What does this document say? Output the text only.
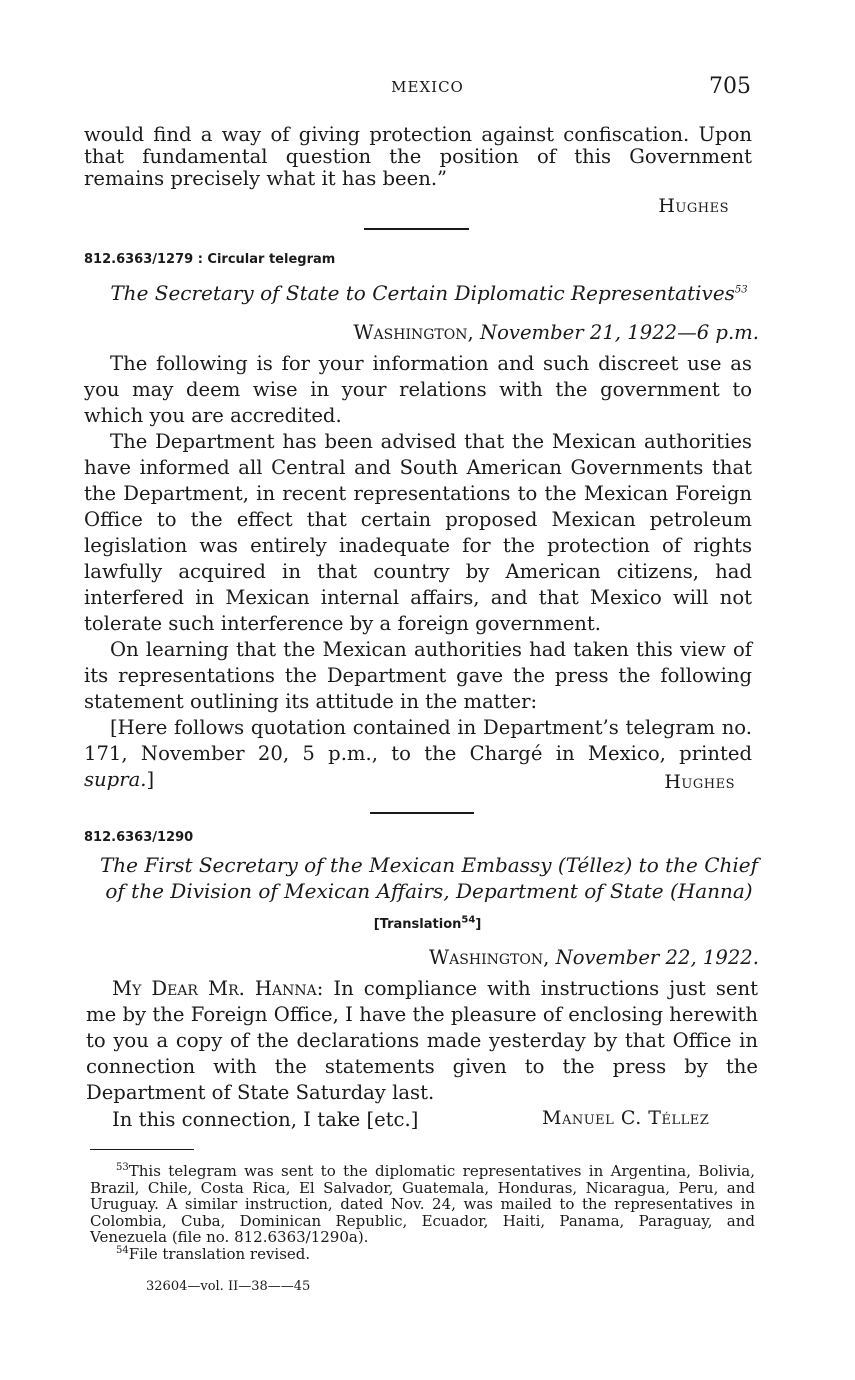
MEXICO	705

would find a way of giving protection against confiscation. Upon that fundamental question the position of this Government remains precisely what it has been.”

Hughes
812.6363/1279 : Circular telegram
The Secretary of State to Certain Diplomatic Representatives$^{53}$
Washington, November 21, 1922—6 p.m.

The following is for your information and such discreet use as you may deem wise in your relations with the government to which you are accredited.

The Department has been advised that the Mexican authorities have informed all Central and South American Governments that the Department, in recent representations to the Mexican Foreign Office to the effect that certain proposed Mexican petroleum legislation was entirely inadequate for the protection of rights lawfully acquired in that country by American citizens, had interfered in Mexican internal affairs, and that Mexico will not tolerate such interference by a foreign government.

On learning that the Mexican authorities had taken this view of its representations the Department gave the press the following statement outlining its attitude in the matter:

[Here follows quotation contained in Department’s telegram no. 171, November 20, 5 p.m., to the Chargé in Mexico, printed supra.]	Hughes
812.6363/1290
The First Secretary of the Mexican Embassy (Téllez) to the Chief
of the Division of Mexican Affairs, Department of State (Hanna)
[Translation$^{54}$]
Washington, November 22, 1922.

My Dear Mr. Hanna: In compliance with instructions just sent me by the Foreign Office, I have the pleasure of enclosing herewith to you a copy of the declarations made yesterday by that Office in connection with the statements given to the press by the Department of State Saturday last.

In this connection, I take [etc.]	Manuel C. Téllez

$^{53}$This telegram was sent to the diplomatic representatives in Argentina, Bolivia, Brazil, Chile, Costa Rica, El Salvador, Guatemala, Honduras, Nicaragua, Peru, and Uruguay. A similar instruction, dated Nov. 24, was mailed to the representatives in Colombia, Cuba, Dominican Republic, Ecuador, Haiti, Panama, Paraguay, and Venezuela (file no. 812.6363/1290a).

$^{54}$File translation revised.

32604—vol. II—38——45
